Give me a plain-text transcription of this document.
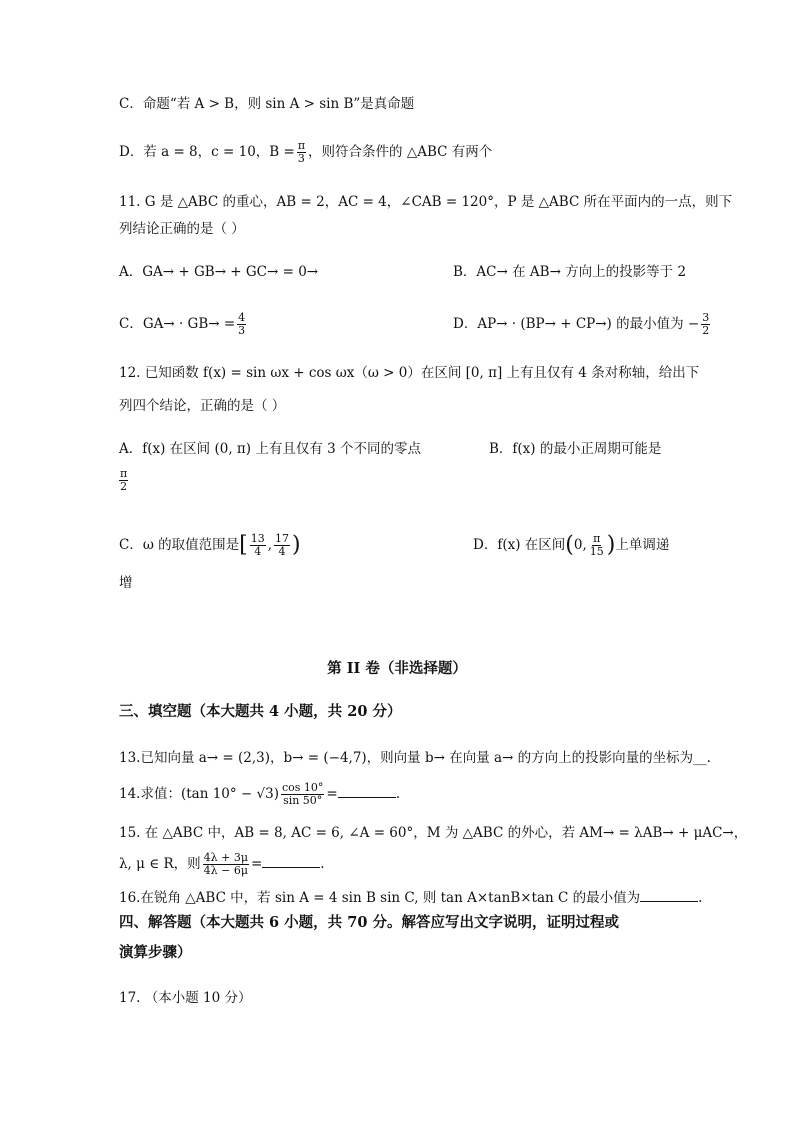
C．命题“若 A > B，则 sin A > sin B”是真命题
D．若 a = 8，c = 10，$B = \frac{\pi}{3}$ ，则符合条件的 △ABC 有两个
11. G 是 △ABC 的重心，AB = 2，AC = 4，∠CAB = 120°，P 是 △ABC 所在平面内的一点，则下
列结论正确的是（ ）
A．GA→ + GB→ + GC→ = 0→	B．AC→ 在 AB→ 方向上的投影等于 2
C．$GA\to \cdot GB\to = \frac{4}{3}$	D．AP→ · (BP→ + CP→) 的最小值为 − $\frac{3}{2}$
12. 已知函数 f(x) = sin ωx + cos ωx（ω > 0）在区间 [0, π] 上有且仅有 4 条对称轴，给出下
列四个结论，正确的是（ ）
A．f(x) 在区间 (0, π) 上有且仅有 3 个不同的零点	B．f(x) 的最小正周期可能是
$\frac{\pi}{2}$
C．ω 的取值范围是[ $\frac{13}{4}$ , $\frac{17}{4}$ )	D．f(x) 在区间(0, $\frac{\pi}{15}$ )上单调递
增
第 II 卷（非选择题）
三、填空题（本大题共 4 小题，共 20 分）
13.已知向量 a→ = (2,3)，b→ = (−4,7)，则向量 b→ 在向量 a→ 的方向上的投影向量的坐标为__.
14.求值：(tan $10^\circ - √3) \frac{\cos 10^\circ}{\sin 50^\circ}$ =	.
15. 在 △ABC 中，AB = 8, AC = 6, ∠A = 60°，M 为 △ABC 的外心，若 AM→ = λAB→ + μAC→，
λ, μ ∈ R，则 $\frac{4\lambda + 3\mu}{4\lambda - 6\mu}$ =	.
16.在锐角 △ABC 中，若 sin A = 4 sin B sin C, 则 tan A×tanB×tan C 的最小值为	.
四、解答题（本大题共 6 小题，共 70 分。解答应写出文字说明，证明过程或
演算步骤）
17. （本小题 10 分）
